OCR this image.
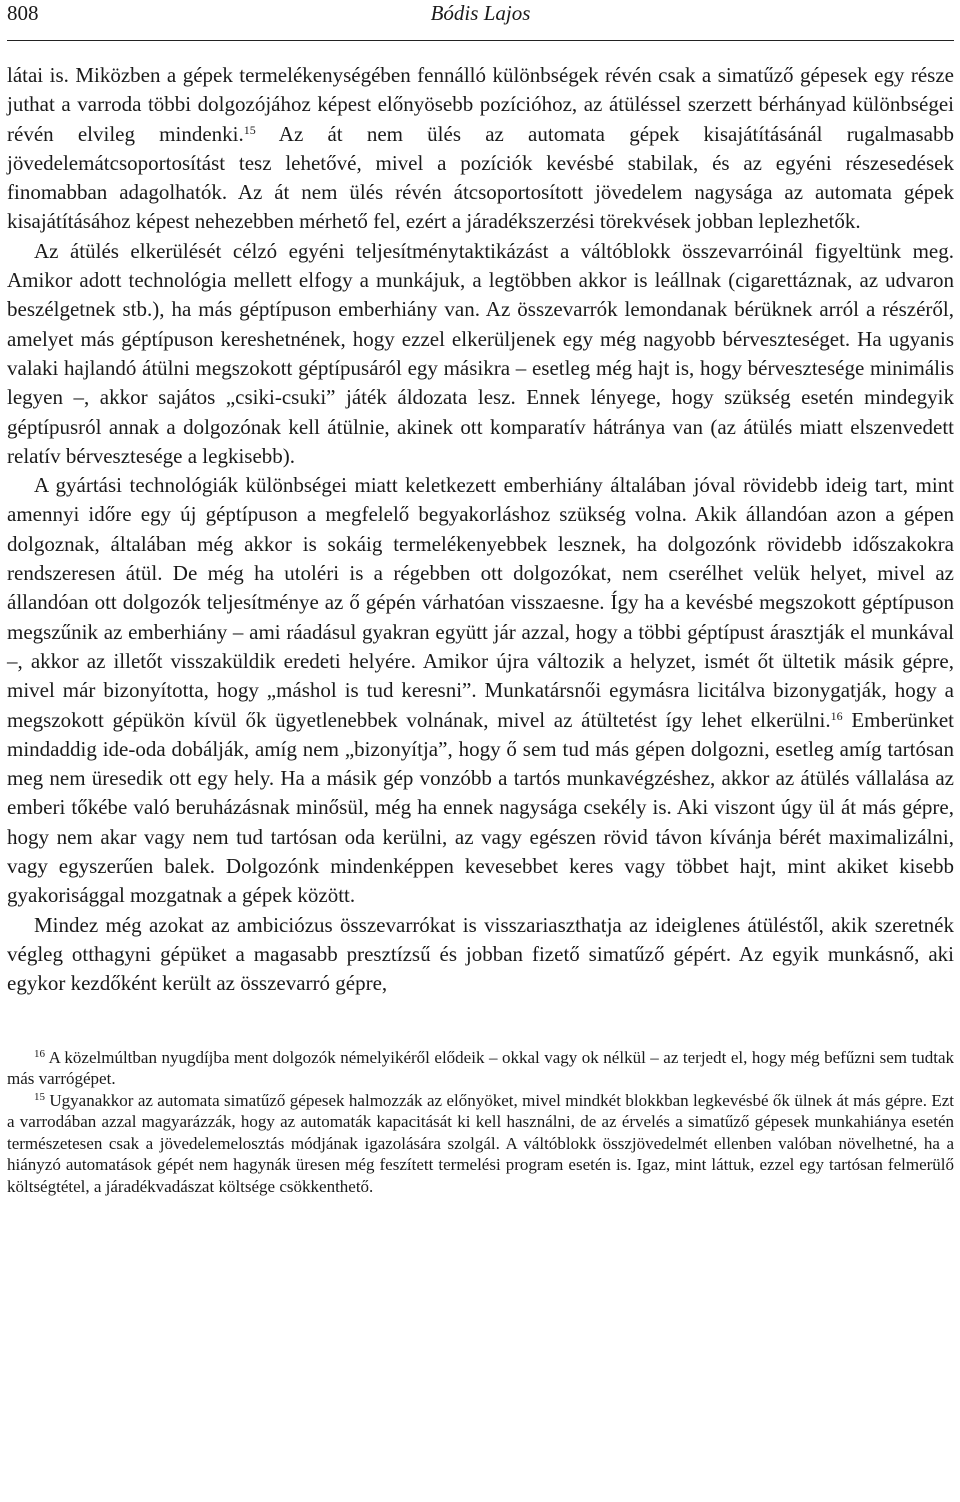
808	Bódis Lajos

látai is. Miközben a gépek termelékenységében fennálló különbségek révén csak a simatűző gépesek egy része juthat a varroda többi dolgozójához képest előnyösebb pozícióhoz, az átüléssel szerzett bérhányad különbségei révén elvileg mindenki.$^{15}$ Az át nem ülés az automata gépek kisajátításánál rugalmasabb jövedelemátcsoportosítást tesz lehetővé, mivel a pozíciók kevésbé stabilak, és az egyéni részesedések finomabban adagolhatók. Az át nem ülés révén átcsoportosított jövedelem nagysága az automata gépek kisajátításához képest nehezebben mérhető fel, ezért a járadékszerzési törekvések jobban leplezhetők.

Az átülés elkerülését célzó egyéni teljesítménytaktikázást a váltóblokk összevarróinál figyeltünk meg. Amikor adott technológia mellett elfogy a munkájuk, a legtöbben akkor is leállnak (cigarettáznak, az udvaron beszélgetnek stb.), ha más géptípuson emberhiány van. Az összevarrók lemondanak bérüknek arról a részéről, amelyet más géptípuson kereshetnének, hogy ezzel elkerüljenek egy még nagyobb bérveszteséget. Ha ugyanis valaki hajlandó átülni megszokott géptípusáról egy másikra – esetleg még hajt is, hogy bérvesztesége minimális legyen –, akkor sajátos „csiki-csuki” játék áldozata lesz. Ennek lényege, hogy szükség esetén mindegyik géptípusról annak a dolgozónak kell átülnie, akinek ott komparatív hátránya van (az átülés miatt elszenvedett relatív bérvesztesége a legkisebb).

A gyártási technológiák különbségei miatt keletkezett emberhiány általában jóval rövidebb ideig tart, mint amennyi időre egy új géptípuson a megfelelő begyakorláshoz szükség volna. Akik állandóan azon a gépen dolgoznak, általában még akkor is sokáig termelékenyebbek lesznek, ha dolgozónk rövidebb időszakokra rendszeresen átül. De még ha utoléri is a régebben ott dolgozókat, nem cserélhet velük helyet, mivel az állandóan ott dolgozók teljesítménye az ő gépén várhatóan visszaesne. Így ha a kevésbé megszokott géptípuson megszűnik az emberhiány – ami ráadásul gyakran együtt jár azzal, hogy a többi géptípust árasztják el munkával –, akkor az illetőt visszaküldik eredeti helyére. Amikor újra változik a helyzet, ismét őt ültetik másik gépre, mivel már bizonyította, hogy „máshol is tud keresni”. Munkatársnői egymásra licitálva bizonygatják, hogy a megszokott gépükön kívül ők ügyetlenebbek volnának, mivel az átültetést így lehet elkerülni.$^{16}$ Emberünket mindaddig ide-oda dobálják, amíg nem „bizonyítja”, hogy ő sem tud más gépen dolgozni, esetleg amíg tartósan meg nem üresedik ott egy hely. Ha a másik gép vonzóbb a tartós munkavégzéshez, akkor az átülés vállalása az emberi tőkébe való beruházásnak minősül, még ha ennek nagysága csekély is. Aki viszont úgy ül át más gépre, hogy nem akar vagy nem tud tartósan oda kerülni, az vagy egészen rövid távon kívánja bérét maximalizálni, vagy egyszerűen balek. Dolgozónk mindenképpen kevesebbet keres vagy többet hajt, mint akiket kisebb gyakorisággal mozgatnak a gépek között.

Mindez még azokat az ambiciózus összevarrókat is visszariaszthatja az ideiglenes átüléstől, akik szeretnék végleg otthagyni gépüket a magasabb presztízsű és jobban fizető simatűző gépért. Az egyik munkásnő, aki egykor kezdőként került az összevarró gépre,

$^{16}$ A közelmúltban nyugdíjba ment dolgozók némelyikéről elődeik – okkal vagy ok nélkül – az terjedt el, hogy még befűzni sem tudtak más varrógépet.

$^{15}$ Ugyanakkor az automata simatűző gépesek halmozzák az előnyöket, mivel mindkét blokkban legkevésbé ők ülnek át más gépre. Ezt a varrodában azzal magyarázzák, hogy az automaták kapacitását ki kell használni, de az érvelés a simatűző gépesek munkahiánya esetén természetesen csak a jövedelemelosztás módjának igazolására szolgál. A váltóblokk összjövedelmét ellenben valóban növelhetné, ha a hiányzó automatások gépét nem hagynák üresen még feszített termelési program esetén is. Igaz, mint láttuk, ezzel egy tartósan felmerülő költségtétel, a járadékvadászat költsége csökkenthető.
